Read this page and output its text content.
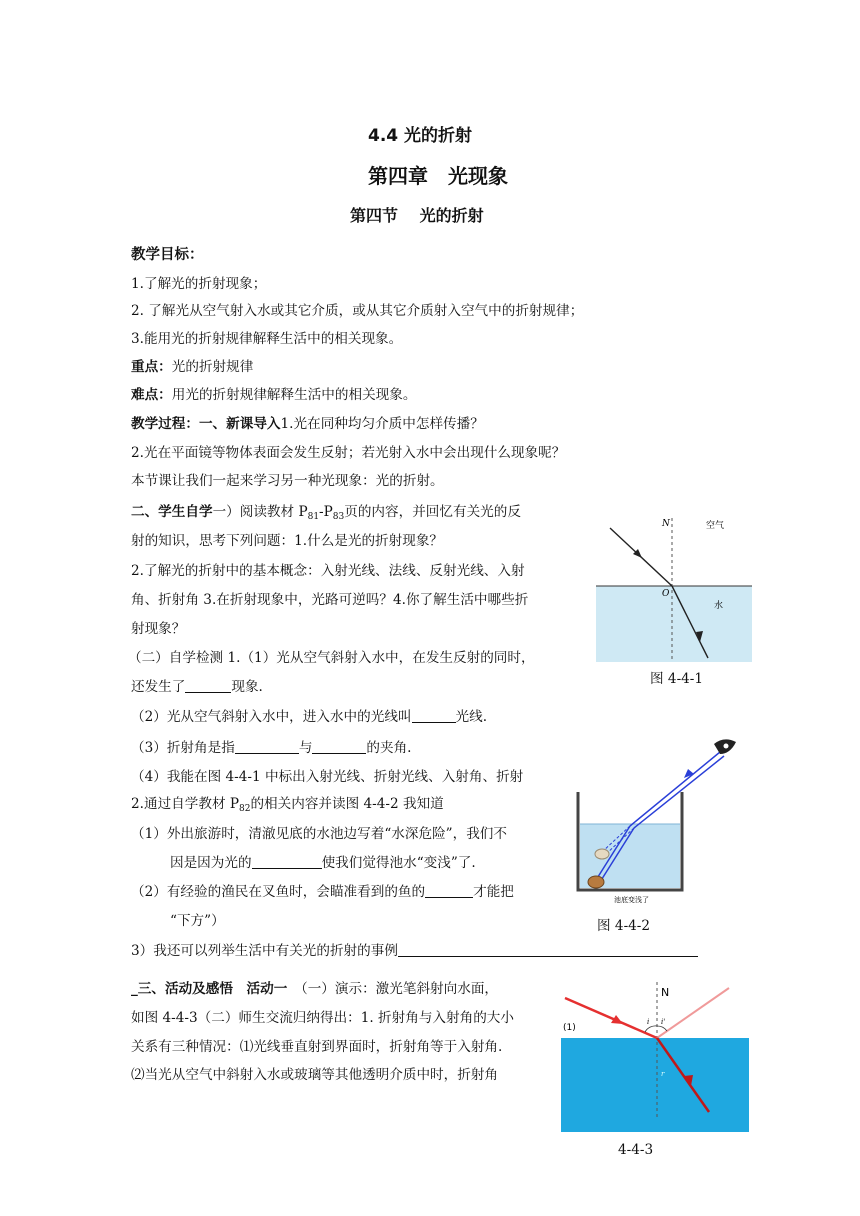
4.4 光的折射
第四章　光现象
第四节　 光的折射
教学目标：
1.了解光的折射现象；
2. 了解光从空气射入水或其它介质，或从其它介质射入空气中的折射规律；
3.能用光的折射规律解释生活中的相关现象。
重点：光的折射规律
难点：用光的折射规律解释生活中的相关现象。
教学过程：一、新课导入1.光在同种均匀介质中怎样传播？
2.光在平面镜等物体表面会发生反射；若光射入水中会出现什么现象呢？
本节课让我们一起来学习另一种光现象：光的折射。
二、学生自学一）阅读教材 $P_{81}-P_{83}$页的内容，并回忆有关光的反
射的知识，思考下列问题：1.什么是光的折射现象？
2.了解光的折射中的基本概念：入射光线、法线、反射光线、入射
角、折射角 3.在折射现象中，光路可逆吗？4.你了解生活中哪些折
射现象？
（二）自学检测 1.（1）光从空气斜射入水中，在发生反射的同时，
还发生了	现象.
（2）光从空气斜射入水中，进入水中的光线叫	光线.
（3）折射角是指	与	的夹角.
（4）我能在图 4-4-1 中标出入射光线、折射光线、入射角、折射
2.通过自学教材 $P_{82}$的相关内容并读图 4-4-2 我知道
（1）外出旅游时，清澈见底的水池边写着“水深危险”，我们不
因是因为光的	使我们觉得池水“变浅”了.
（2）有经验的渔民在叉鱼时，会瞄准看到的鱼的	才能把
“下方”）
3）我还可以列举生活中有关光的折射的事例
_三、活动及感悟　活动一　（一）演示：激光笔斜射向水面，
如图 4-4-3（二）师生交流归纳得出：1. 折射角与入射角的大小
关系有三种情况：⑴光线垂直射到界面时，折射角等于入射角.
⑵当光从空气中斜射入水或玻璃等其他透明介质中时，折射角
N	空气
O
水
图 4-4-1
池底变浅了
图 4-4-2
N
(1)
i i'
r
4-4-3
